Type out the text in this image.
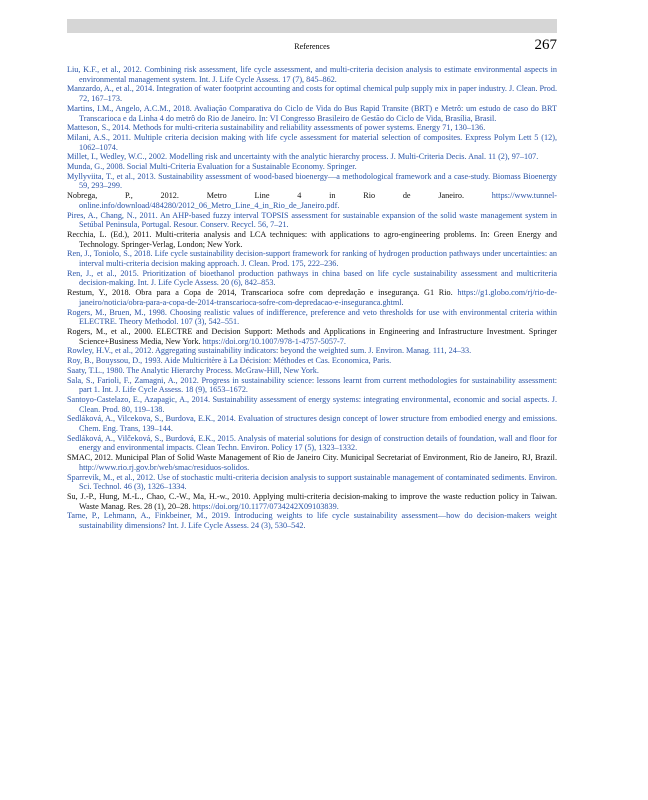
References	267

Liu, K.F., et al., 2012. Combining risk assessment, life cycle assessment, and multi-criteria decision analysis to estimate environmental aspects in environmental management system. Int. J. Life Cycle Assess. 17 (7), 845–862.

Manzardo, A., et al., 2014. Integration of water footprint accounting and costs for optimal chemical pulp supply mix in paper industry. J. Clean. Prod. 72, 167–173.

Martins, I.M., Angelo, A.C.M., 2018. Avaliação Comparativa do Ciclo de Vida do Bus Rapid Transite (BRT) e Metrô: um estudo de caso do BRT Transcarioca e da Linha 4 do metrô do Rio de Janeiro. In: VI Congresso Brasileiro de Gestão do Ciclo de Vida, Brasília, Brasil.

Matteson, S., 2014. Methods for multi-criteria sustainability and reliability assessments of power systems. Energy 71, 130–136.

Milani, A.S., 2011. Multiple criteria decision making with life cycle assessment for material selection of composites. Express Polym Lett 5 (12), 1062–1074.

Millet, I., Wedley, W.C., 2002. Modelling risk and uncertainty with the analytic hierarchy process. J. Multi-Criteria Decis. Anal. 11 (2), 97–107.

Munda, G., 2008. Social Multi-Criteria Evaluation for a Sustainable Economy. Springer.

Myllyviita, T., et al., 2013. Sustainability assessment of wood-based bioenergy—a methodological framework and a case-study. Biomass Bioenergy 59, 293–299.

Nobrega, P., 2012. Metro Line 4 in Rio de Janeiro. https://www.tunnel-online.info/download/484280/2012_06_Metro_Line_4_in_Rio_de_Janeiro.pdf.

Pires, A., Chang, N., 2011. An AHP-based fuzzy interval TOPSIS assessment for sustainable expansion of the solid waste management system in Setúbal Peninsula, Portugal. Resour. Conserv. Recycl. 56, 7–21.

Recchia, L. (Ed.), 2011. Multi-criteria analysis and LCA techniques: with applications to agro-engineering problems. In: Green Energy and Technology. Springer-Verlag, London; New York.

Ren, J., Toniolo, S., 2018. Life cycle sustainability decision-support framework for ranking of hydrogen production pathways under uncertainties: an interval multi-criteria decision making approach. J. Clean. Prod. 175, 222–236.

Ren, J., et al., 2015. Prioritization of bioethanol production pathways in china based on life cycle sustainability assessment and multicriteria decision-making. Int. J. Life Cycle Assess. 20 (6), 842–853.

Restum, Y., 2018. Obra para a Copa de 2014, Transcarioca sofre com depredação e insegurança. G1 Rio. https://g1.globo.com/rj/rio-de-janeiro/noticia/obra-para-a-copa-de-2014-transcarioca-sofre-com-depredacao-e-inseguranca.ghtml.

Rogers, M., Bruen, M., 1998. Choosing realistic values of indifference, preference and veto thresholds for use with environmental criteria within ELECTRE. Theory Methodol. 107 (3), 542–551.

Rogers, M., et al., 2000. ELECTRE and Decision Support: Methods and Applications in Engineering and Infrastructure Investment. Springer Science+Business Media, New York. https://doi.org/10.1007/978-1-4757-5057-7.

Rowley, H.V., et al., 2012. Aggregating sustainability indicators: beyond the weighted sum. J. Environ. Manag. 111, 24–33.

Roy, B., Bouyssou, D., 1993. Aide Multicritère à La Décision: Méthodes et Cas. Economica, Paris.

Saaty, T.L., 1980. The Analytic Hierarchy Process. McGraw-Hill, New York.

Sala, S., Farioli, F., Zamagni, A., 2012. Progress in sustainability science: lessons learnt from current methodologies for sustainability assessment: part 1. Int. J. Life Cycle Assess. 18 (9), 1653–1672.

Santoyo-Castelazo, E., Azapagic, A., 2014. Sustainability assessment of energy systems: integrating environmental, economic and social aspects. J. Clean. Prod. 80, 119–138.

Sedláková, A., Vilcekova, S., Burdova, E.K., 2014. Evaluation of structures design concept of lower structure from embodied energy and emissions. Chem. Eng. Trans, 139–144.

Sedláková, A., Vilčeková, S., Burdová, E.K., 2015. Analysis of material solutions for design of construction details of foundation, wall and floor for energy and environmental impacts. Clean Techn. Environ. Policy 17 (5), 1323–1332.

SMAC, 2012. Municipal Plan of Solid Waste Management of Rio de Janeiro City. Municipal Secretariat of Environment, Rio de Janeiro, RJ, Brazil. http://www.rio.rj.gov.br/web/smac/residuos-solidos.

Sparrevik, M., et al., 2012. Use of stochastic multi-criteria decision analysis to support sustainable management of contaminated sediments. Environ. Sci. Technol. 46 (3), 1326–1334.

Su, J.-P., Hung, M.-L., Chao, C.-W., Ma, H.-w., 2010. Applying multi-criteria decision-making to improve the waste reduction policy in Taiwan. Waste Manag. Res. 28 (1), 20–28. https://doi.org/10.1177/0734242X09103839.

Tarne, P., Lehmann, A., Finkbeiner, M., 2019. Introducing weights to life cycle sustainability assessment—how do decision-makers weight sustainability dimensions? Int. J. Life Cycle Assess. 24 (3), 530–542.
